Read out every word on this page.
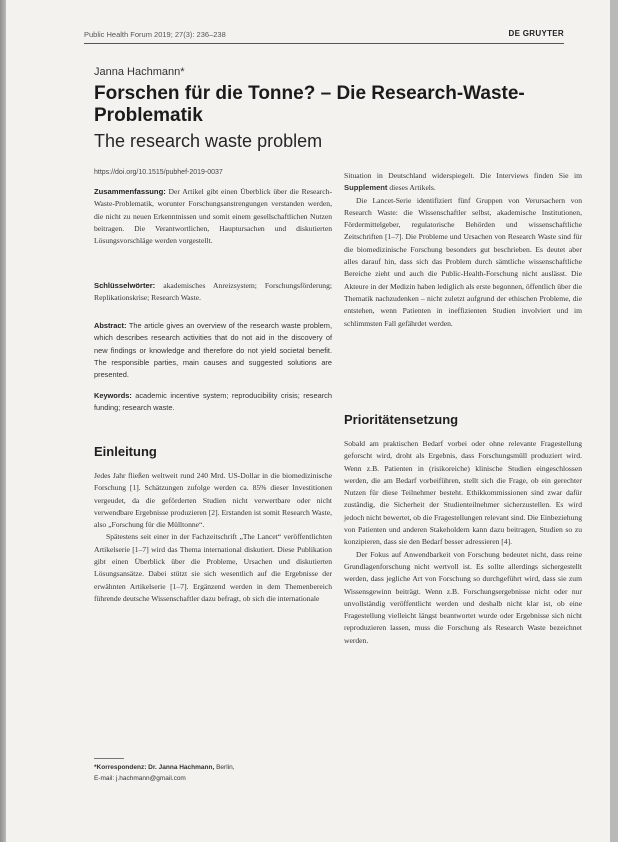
Public Health Forum 2019; 27(3): 236–238	DE GRUYTER
Janna Hachmann*
Forschen für die Tonne? – Die Research-Waste-Problematik
The research waste problem
https://doi.org/10.1515/pubhef-2019-0037

Zusammenfassung: Der Artikel gibt einen Überblick über die Research-Waste-Problematik, worunter Forschungsanstrengungen verstanden werden, die nicht zu neuen Erkenntnissen und somit einem gesellschaftlichen Nutzen beitragen. Die Verantwortlichen, Hauptursachen und diskutierten Lösungsvorschläge werden vorgestellt.

Schlüsselwörter: akademisches Anreizsystem; Forschungsförderung; Replikationskrise; Research Waste.

Abstract: The article gives an overview of the research waste problem, which describes research activities that do not aid in the discovery of new findings or knowledge and therefore do not yield societal benefit. The responsible parties, main causes and suggested solutions are presented.

Keywords: academic incentive system; reproducibility crisis; research funding; research waste.

Einleitung

Jedes Jahr fließen weltweit rund 240 Mrd. US-Dollar in die biomedizinische Forschung [1]. Schätzungen zufolge werden ca. 85% dieser Investitionen vergeudet, da die geförderten Studien nicht verwertbare oder nicht verwendbare Ergebnisse produzieren [2]. Erstanden ist somit Research Waste, also „Forschung für die Mülltonne“.

Spätestens seit einer in der Fachzeitschrift „The Lancet“ veröffentlichten Artikelserie [1–7] wird das Thema international diskutiert. Diese Publikation gibt einen Überblick über die Probleme, Ursachen und diskutierten Lösungsansätze. Dabei stützt sie sich wesentlich auf die Ergebnisse der erwähnten Artikelserie [1–7]. Ergänzend werden in dem Themenbereich führende deutsche Wissenschaftler dazu befragt, ob sich die internationale

*Korrespondenz: Dr. Janna Hachmann, Berlin,
E-mail: j.hachmann@gmail.com

Situation in Deutschland widerspiegelt. Die Interviews finden Sie im Supplement dieses Artikels.

Die Lancet-Serie identifiziert fünf Gruppen von Verursachern von Research Waste: die Wissenschaftler selbst, akademische Institutionen, Fördermittelgeber, regulatorische Behörden und wissenschaftliche Zeitschriften [1–7]. Die Probleme und Ursachen von Research Waste sind für die biomedizinische Forschung besonders gut beschrieben. Es deutet aber alles darauf hin, dass sich das Problem durch sämtliche wissenschaftliche Bereiche zieht und auch die Public-Health-Forschung nicht auslässt. Die Akteure in der Medizin haben lediglich als erste begonnen, öffentlich über die Thematik nachzudenken – nicht zuletzt aufgrund der ethischen Probleme, die entstehen, wenn Patienten in ineffizienten Studien involviert und im schlimmsten Fall gefährdet werden.

Prioritätensetzung

Sobald am praktischen Bedarf vorbei oder ohne relevante Fragestellung geforscht wird, droht als Ergebnis, dass Forschungsmüll produziert wird. Wenn z.B. Patienten in (risikoreiche) klinische Studien eingeschlossen werden, die am Bedarf vorbeiführen, stellt sich die Frage, ob ein gerechter Nutzen für diese Teilnehmer besteht. Ethikkommissionen sind zwar dafür zuständig, die Sicherheit der Studienteilnehmer sicherzustellen. Es wird jedoch nicht bewertet, ob die Fragestellungen relevant sind. Die Einbeziehung von Patienten und anderen Stakeholdern kann dazu beitragen, Studien so zu konzipieren, dass sie den Bedarf besser adressieren [4].

Der Fokus auf Anwendbarkeit von Forschung bedeutet nicht, dass reine Grundlagenforschung nicht wertvoll ist. Es sollte allerdings sichergestellt werden, dass jegliche Art von Forschung so durchgeführt wird, dass sie zum Wissensgewinn beiträgt. Wenn z.B. Forschungsergebnisse nicht oder nur unvollständig veröffentlicht werden und deshalb nicht klar ist, ob eine Fragestellung vielleicht längst beantwortet wurde oder Ergebnisse sich nicht reproduzieren lassen, muss die Forschung als Research Waste bezeichnet werden.
